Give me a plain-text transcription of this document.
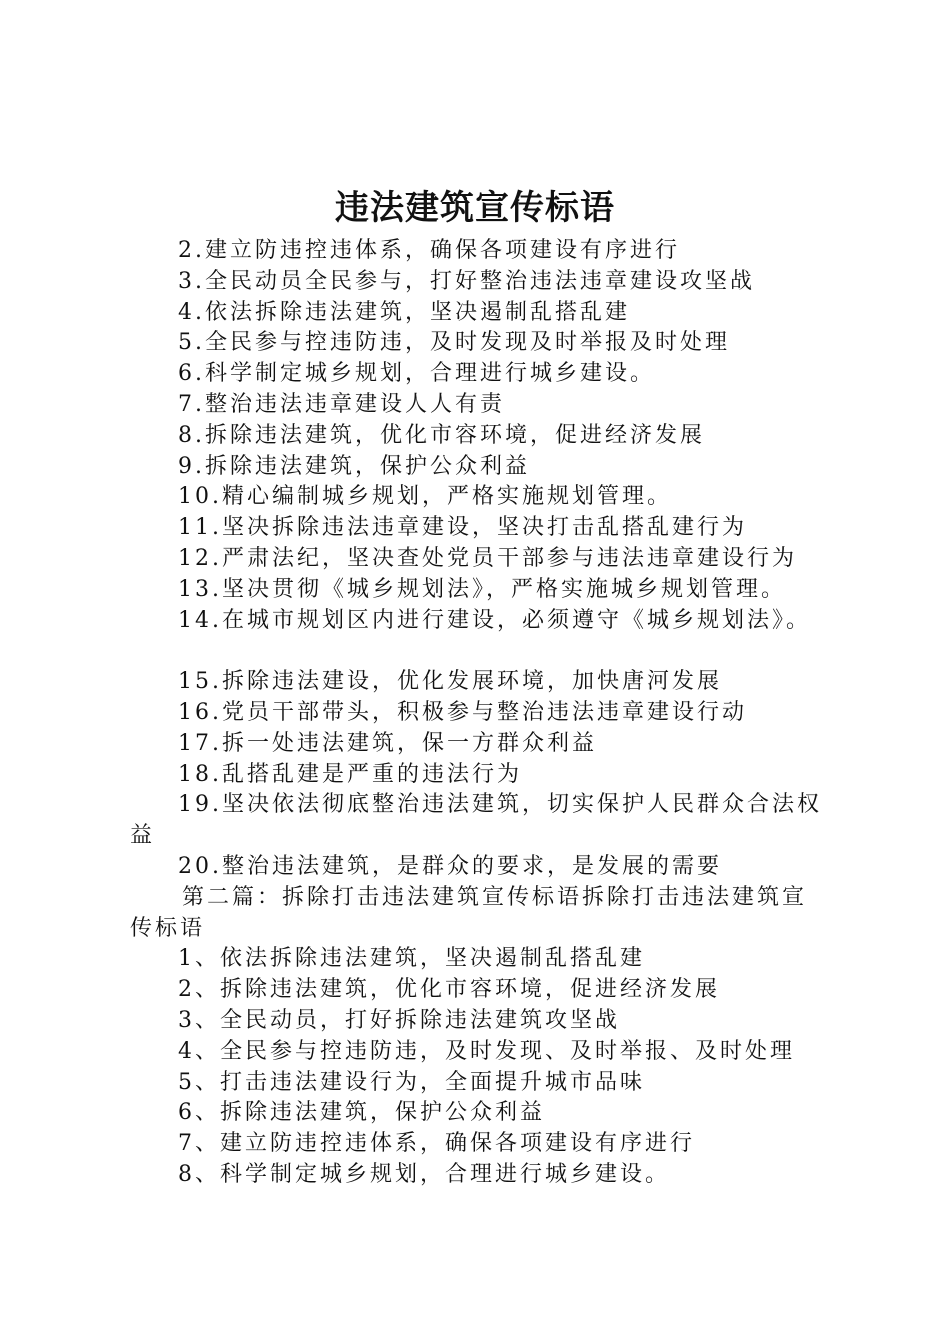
违法建筑宣传标语

2.建立防违控违体系，确保各项建设有序进行

3.全民动员全民参与，打好整治违法违章建设攻坚战

4.依法拆除违法建筑，坚决遏制乱搭乱建

5.全民参与控违防违，及时发现及时举报及时处理

6.科学制定城乡规划，合理进行城乡建设。

7.整治违法违章建设人人有责

8.拆除违法建筑，优化市容环境，促进经济发展

9.拆除违法建筑，保护公众利益

10.精心编制城乡规划，严格实施规划管理。

11.坚决拆除违法违章建设，坚决打击乱搭乱建行为

12.严肃法纪，坚决查处党员干部参与违法违章建设行为

13.坚决贯彻《城乡规划法》，严格实施城乡规划管理。

14.在城市规划区内进行建设，必须遵守《城乡规划法》。

15.拆除违法建设，优化发展环境，加快唐河发展

16.党员干部带头，积极参与整治违法违章建设行动

17.拆一处违法建筑，保一方群众利益

18.乱搭乱建是严重的违法行为

19.坚决依法彻底整治违法建筑，切实保护人民群众合法权

益

20.整治违法建筑，是群众的要求，是发展的需要

第二篇：拆除打击违法建筑宣传标语拆除打击违法建筑宣

传标语

1、依法拆除违法建筑，坚决遏制乱搭乱建

2、拆除违法建筑，优化市容环境，促进经济发展

3、全民动员，打好拆除违法建筑攻坚战

4、全民参与控违防违，及时发现、及时举报、及时处理

5、打击违法建设行为，全面提升城市品味

6、拆除违法建筑，保护公众利益

7、建立防违控违体系，确保各项建设有序进行

8、科学制定城乡规划，合理进行城乡建设。
